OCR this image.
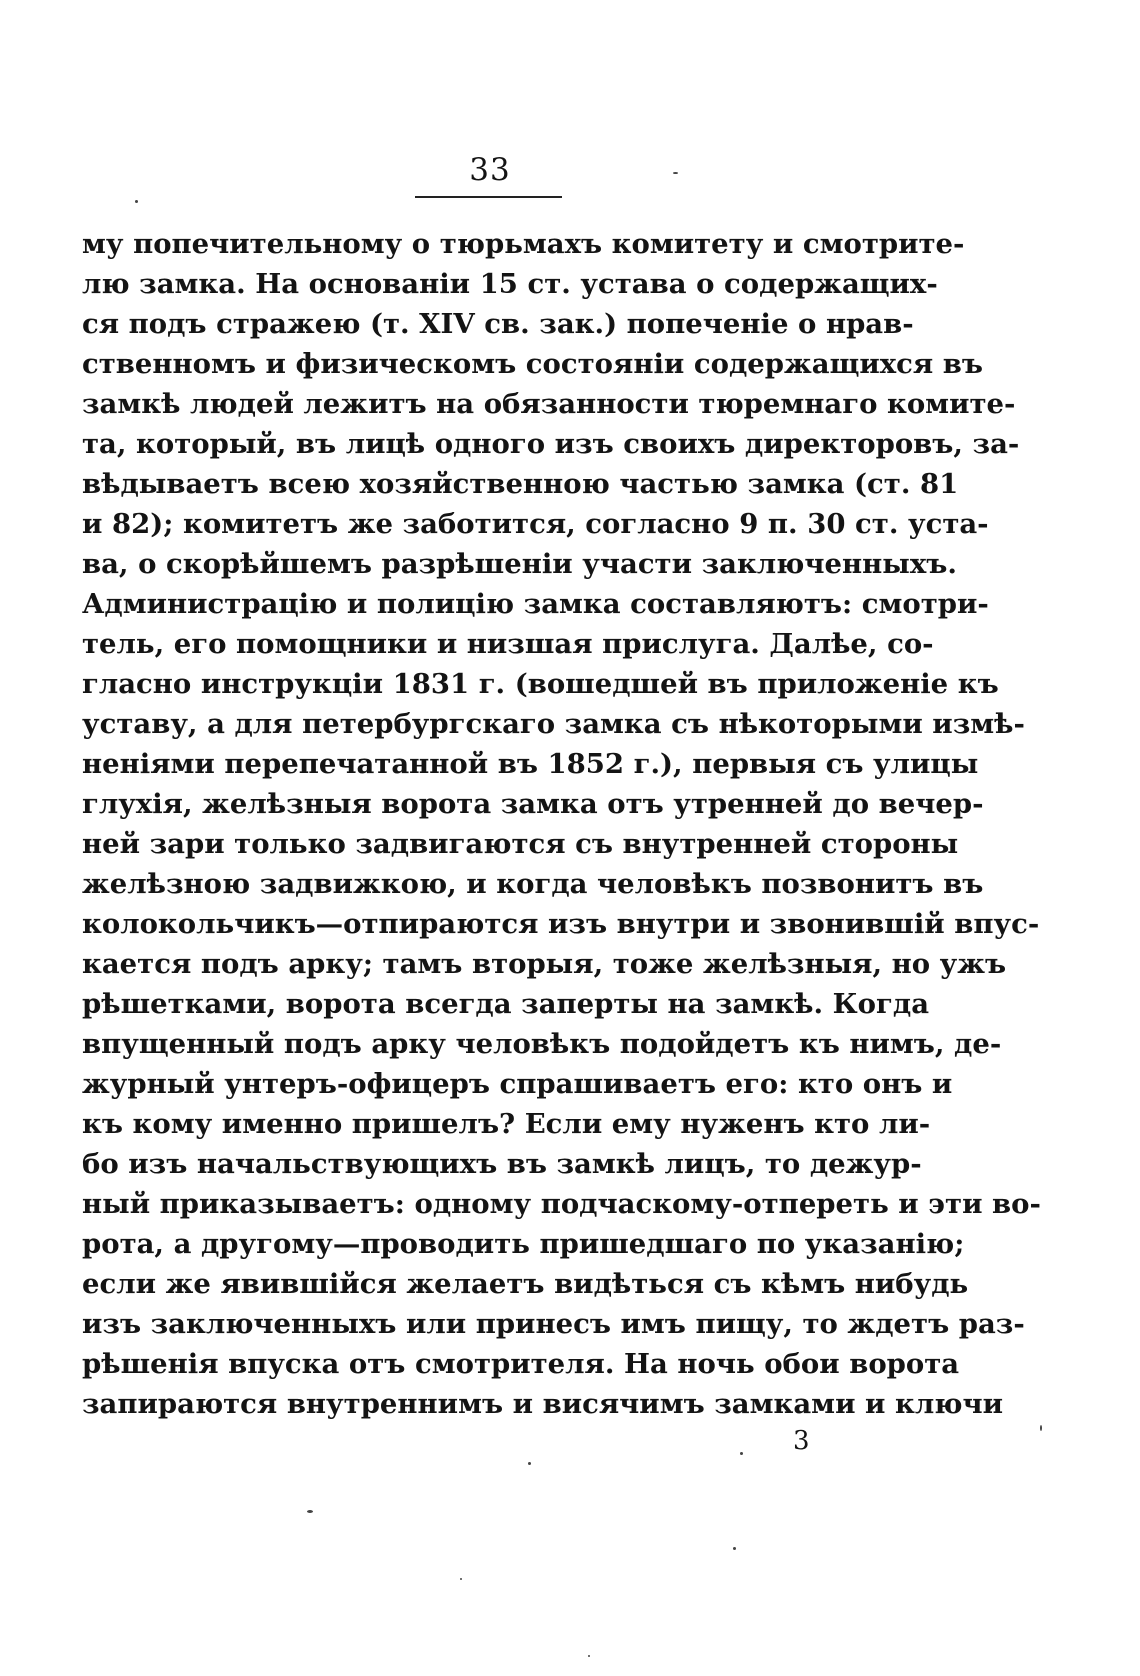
33
му попечительному о тюрьмахъ комитету и смотрите-
лю замка. На основанiи 15 ст. устава о содержащих-
ся подъ стражею (т. XIV св. зак.) попеченiе о нрав-
ственномъ и физическомъ состоянiи содержащихся въ
замкѣ людей лежитъ на обязанности тюремнаго комите-
та, который, въ лицѣ одного изъ своихъ директоровъ, за-
вѣдываетъ всею хозяйственною частью замка (ст. 81
и 82); комитетъ же заботится, согласно 9 п. 30 ст. уста-
ва, о скорѣйшемъ разрѣшенiи участи заключенныхъ.
Администрацiю и полицiю замка составляютъ: смотри-
тель, его помощники и низшая прислуга. Далѣе, со-
гласно инструкцiи 1831 г. (вошедшей въ приложенiе къ
уставу, а для петербургскаго замка съ нѣкоторыми измѣ-
ненiями перепечатанной въ 1852 г.), первыя съ улицы
глухiя, желѣзныя ворота замка отъ утренней до вечер-
ней зари только задвигаются съ внутренней стороны
желѣзною задвижкою, и когда человѣкъ позвонитъ въ
колокольчикъ—отпираются изъ внутри и звонившiй впус-
кается подъ арку; тамъ вторыя, тоже желѣзныя, но ужъ
рѣшетками, ворота всегда заперты на замкѣ. Когда
впущенный подъ арку человѣкъ подойдетъ къ нимъ, де-
журный унтеръ-офицеръ спрашиваетъ его: кто онъ и
къ кому именно пришелъ? Если ему нуженъ кто ли-
бо изъ начальствующихъ въ замкѣ лицъ, то дежур-
ный приказываетъ: одному подчаскому-отпереть и эти во-
рота, а другому—проводить пришедшаго по указанiю;
если же явившiйся желаетъ видѣться съ кѣмъ нибудь
изъ заключенныхъ или принесъ имъ пищу, то ждетъ раз-
рѣшенiя впуска отъ смотрителя. На ночь обои ворота
запираются внутреннимъ и висячимъ замками и ключи
3
